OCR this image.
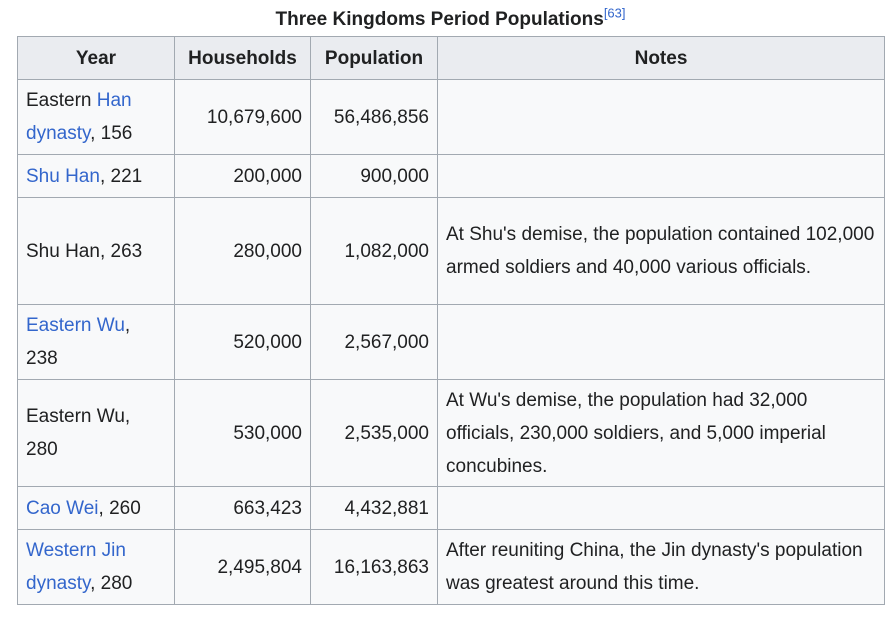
Three Kingdoms Period Populations[63]
Year	Households	Population	Notes
Eastern Han dynasty, 156	10,679,600	56,486,856	
Shu Han, 221	200,000	900,000	
Shu Han, 263	280,000	1,082,000	At Shu's demise, the population contained 102,000 armed soldiers and 40,000 various officials.
Eastern Wu, 238	520,000	2,567,000	
Eastern Wu, 280	530,000	2,535,000	At Wu's demise, the population had 32,000 officials, 230,000 soldiers, and 5,000 imperial concubines.
Cao Wei, 260	663,423	4,432,881	
Western Jin dynasty, 280	2,495,804	16,163,863	After reuniting China, the Jin dynasty's population was greatest around this time.
